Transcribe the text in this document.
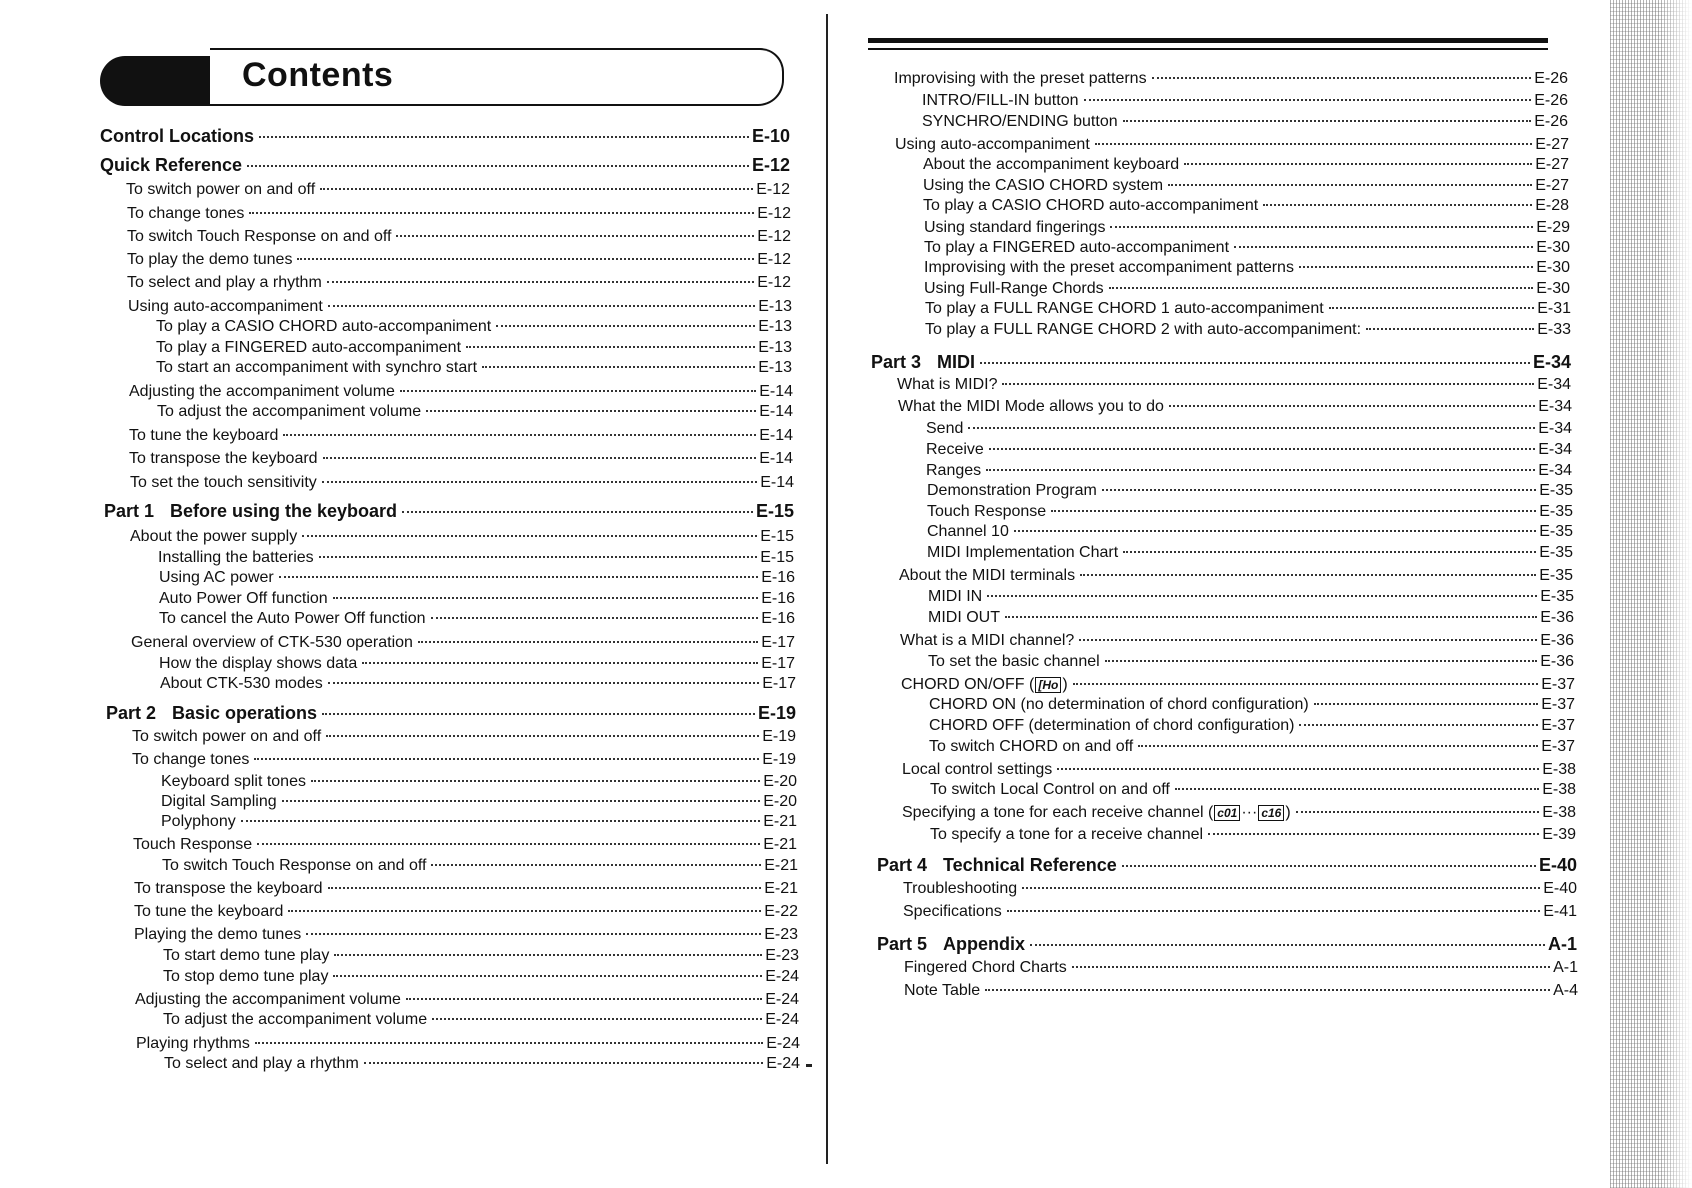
Contents
Control Locations	E-10
Quick Reference	E-12
To switch power on and off	E-12
To change tones	E-12
To switch Touch Response on and off	E-12
To play the demo tunes	E-12
To select and play a rhythm	E-12
Using auto-accompaniment	E-13
To play a CASIO CHORD auto-accompaniment	E-13
To play a FINGERED auto-accompaniment	E-13
To start an accompaniment with synchro start	E-13
Adjusting the accompaniment volume	E-14
To adjust the accompaniment volume	E-14
To tune the keyboard	E-14
To transpose the keyboard	E-14
To set the touch sensitivity	E-14
Part 1 Before using the keyboard	E-15
About the power supply	E-15
Installing the batteries	E-15
Using AC power	E-16
Auto Power Off function	E-16
To cancel the Auto Power Off function	E-16
General overview of CTK-530 operation	E-17
How the display shows data	E-17
About CTK-530 modes	E-17
Part 2 Basic operations	E-19
To switch power on and off	E-19
To change tones	E-19
Keyboard split tones	E-20
Digital Sampling	E-20
Polyphony	E-21
Touch Response	E-21
To switch Touch Response on and off	E-21
To transpose the keyboard	E-21
To tune the keyboard	E-22
Playing the demo tunes	E-23
To start demo tune play	E-23
To stop demo tune play	E-24
Adjusting the accompaniment volume	E-24
To adjust the accompaniment volume	E-24
Playing rhythms	E-24
To select and play a rhythm	E-24
Improvising with the preset patterns	E-26
INTRO/FILL-IN button	E-26
SYNCHRO/ENDING button	E-26
Using auto-accompaniment	E-27
About the accompaniment keyboard	E-27
Using the CASIO CHORD system	E-27
To play a CASIO CHORD auto-accompaniment	E-28
Using standard fingerings	E-29
To play a FINGERED auto-accompaniment	E-30
Improvising with the preset accompaniment patterns	E-30
Using Full-Range Chords	E-30
To play a FULL RANGE CHORD 1 auto-accompaniment	E-31
To play a FULL RANGE CHORD 2 with auto-accompaniment:	E-33
Part 3 MIDI	E-34
What is MIDI?	E-34
What the MIDI Mode allows you to do	E-34
Send	E-34
Receive	E-34
Ranges	E-34
Demonstration Program	E-35
Touch Response	E-35
Channel 10	E-35
MIDI Implementation Chart	E-35
About the MIDI terminals	E-35
MIDI IN	E-35
MIDI OUT	E-36
What is a MIDI channel?	E-36
To set the basic channel	E-36
CHORD ON/OFF ( [Ho )	E-37
CHORD ON (no determination of chord configuration)	E-37
CHORD OFF (determination of chord configuration)	E-37
To switch CHORD on and off	E-37
Local control settings	E-38
To switch Local Control on and off	E-38
Specifying a tone for each receive channel ( c01 ··· c16 )	E-38
To specify a tone for a receive channel	E-39
Part 4 Technical Reference	E-40
Troubleshooting	E-40
Specifications	E-41
Part 5 Appendix	A-1
Fingered Chord Charts	A-1
Note Table	A-4
